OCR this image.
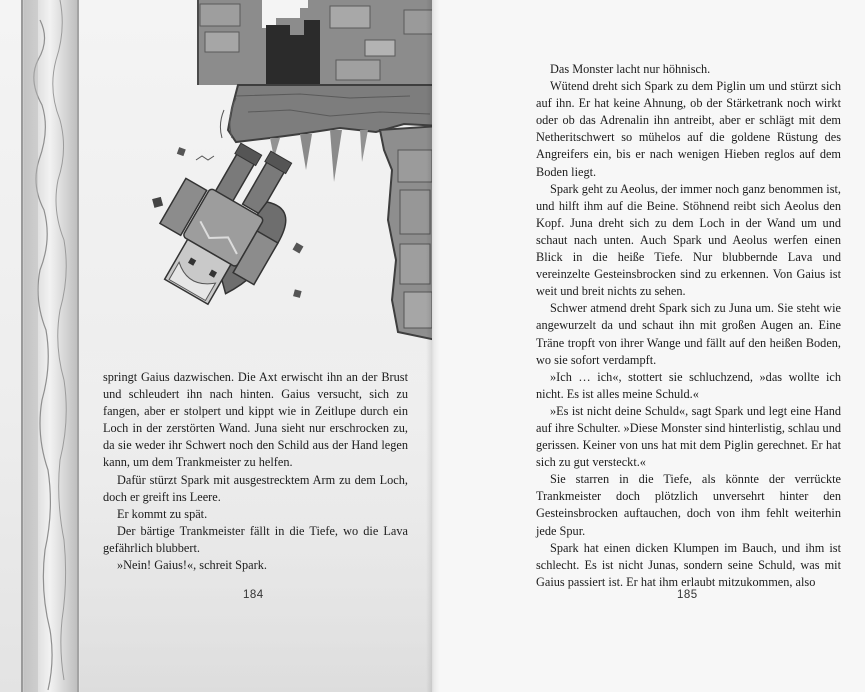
springt Gaius dazwischen. Die Axt erwischt ihn an der Brust und schleudert ihn nach hinten. Gaius versucht, sich zu fangen, aber er stolpert und kippt wie in Zeitlupe durch ein Loch in der zerstörten Wand. Juna sieht nur erschrocken zu, da sie weder ihr Schwert noch den Schild aus der Hand legen kann, um dem Trankmeister zu helfen.

Dafür stürzt Spark mit ausgestrecktem Arm zu dem Loch, doch er greift ins Leere.

Er kommt zu spät.

Der bärtige Trankmeister fällt in die Tiefe, wo die Lava gefährlich blubbert.

»Nein! Gaius!«, schreit Spark.

184

Das Monster lacht nur höhnisch.

Wütend dreht sich Spark zu dem Piglin um und stürzt sich auf ihn. Er hat keine Ahnung, ob der Stärketrank noch wirkt oder ob das Adrenalin ihn antreibt, aber er schlägt mit dem Netheritschwert so mühelos auf die goldene Rüstung des Angreifers ein, bis er nach wenigen Hieben reglos auf dem Boden liegt.

Spark geht zu Aeolus, der immer noch ganz benommen ist, und hilft ihm auf die Beine. Stöhnend reibt sich Aeolus den Kopf. Juna dreht sich zu dem Loch in der Wand um und schaut nach unten. Auch Spark und Aeolus werfen einen Blick in die heiße Tiefe. Nur blubbernde Lava und vereinzelte Gesteinsbrocken sind zu erkennen. Von Gaius ist weit und breit nichts zu sehen.

Schwer atmend dreht Spark sich zu Juna um. Sie steht wie angewurzelt da und schaut ihn mit großen Augen an. Eine Träne tropft von ihrer Wange und fällt auf den heißen Boden, wo sie sofort verdampft.

»Ich … ich«, stottert sie schluchzend, »das wollte ich nicht. Es ist alles meine Schuld.«

»Es ist nicht deine Schuld«, sagt Spark und legt eine Hand auf ihre Schulter. »Diese Monster sind hinterlistig, schlau und gerissen. Keiner von uns hat mit dem Piglin gerechnet. Er hat sich zu gut versteckt.«

Sie starren in die Tiefe, als könnte der verrückte Trankmeister doch plötzlich unversehrt hinter den Gesteinsbrocken auftauchen, doch von ihm fehlt weiterhin jede Spur.

Spark hat einen dicken Klumpen im Bauch, und ihm ist schlecht. Es ist nicht Junas, sondern seine Schuld, was mit Gaius passiert ist. Er hat ihm erlaubt mitzukommen, also

185
